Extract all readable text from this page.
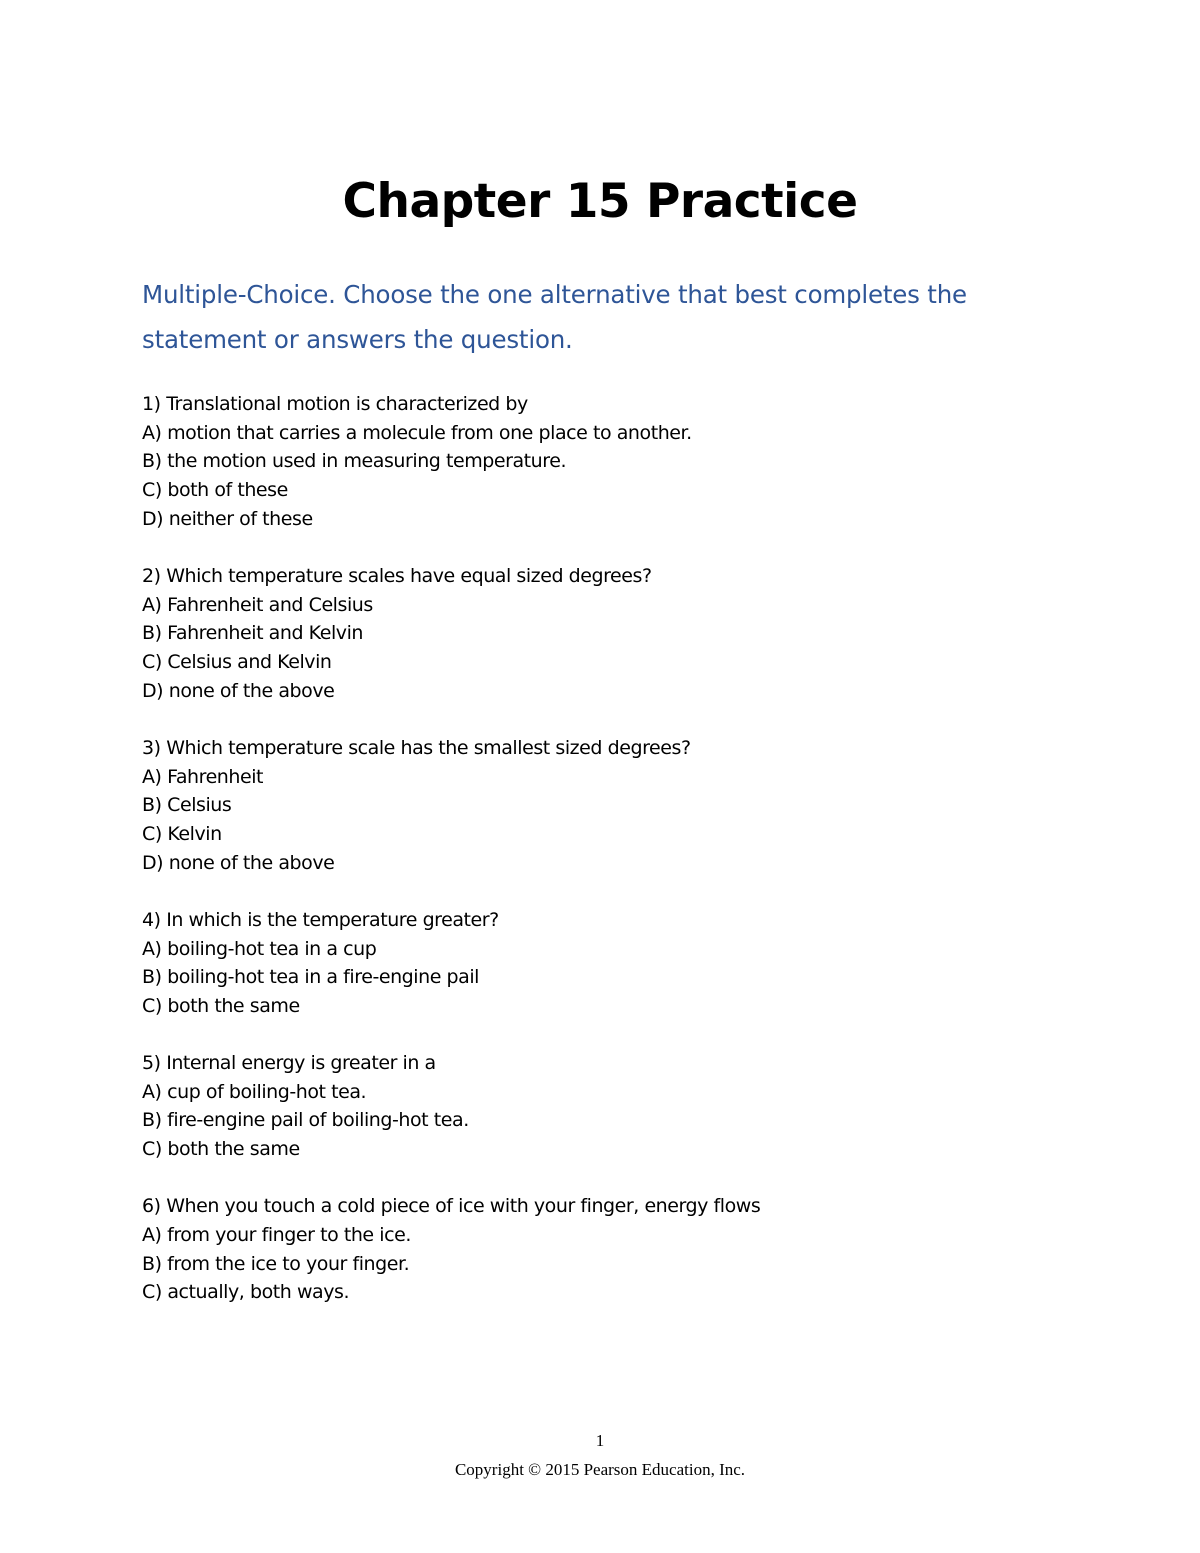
Chapter 15 Practice
Multiple-Choice. Choose the one alternative that best completes the statement or answers the question.
1) Translational motion is characterized by
A) motion that carries a molecule from one place to another.
B) the motion used in measuring temperature.
C) both of these
D) neither of these
2) Which temperature scales have equal sized degrees?
A) Fahrenheit and Celsius
B) Fahrenheit and Kelvin
C) Celsius and Kelvin
D) none of the above
3) Which temperature scale has the smallest sized degrees?
A) Fahrenheit
B) Celsius
C) Kelvin
D) none of the above
4) In which is the temperature greater?
A) boiling-hot tea in a cup
B) boiling-hot tea in a fire-engine pail
C) both the same
5) Internal energy is greater in a
A) cup of boiling-hot tea.
B) fire-engine pail of boiling-hot tea.
C) both the same
6) When you touch a cold piece of ice with your finger, energy flows
A) from your finger to the ice.
B) from the ice to your finger.
C) actually, both ways.
1
Copyright © 2015 Pearson Education, Inc.
